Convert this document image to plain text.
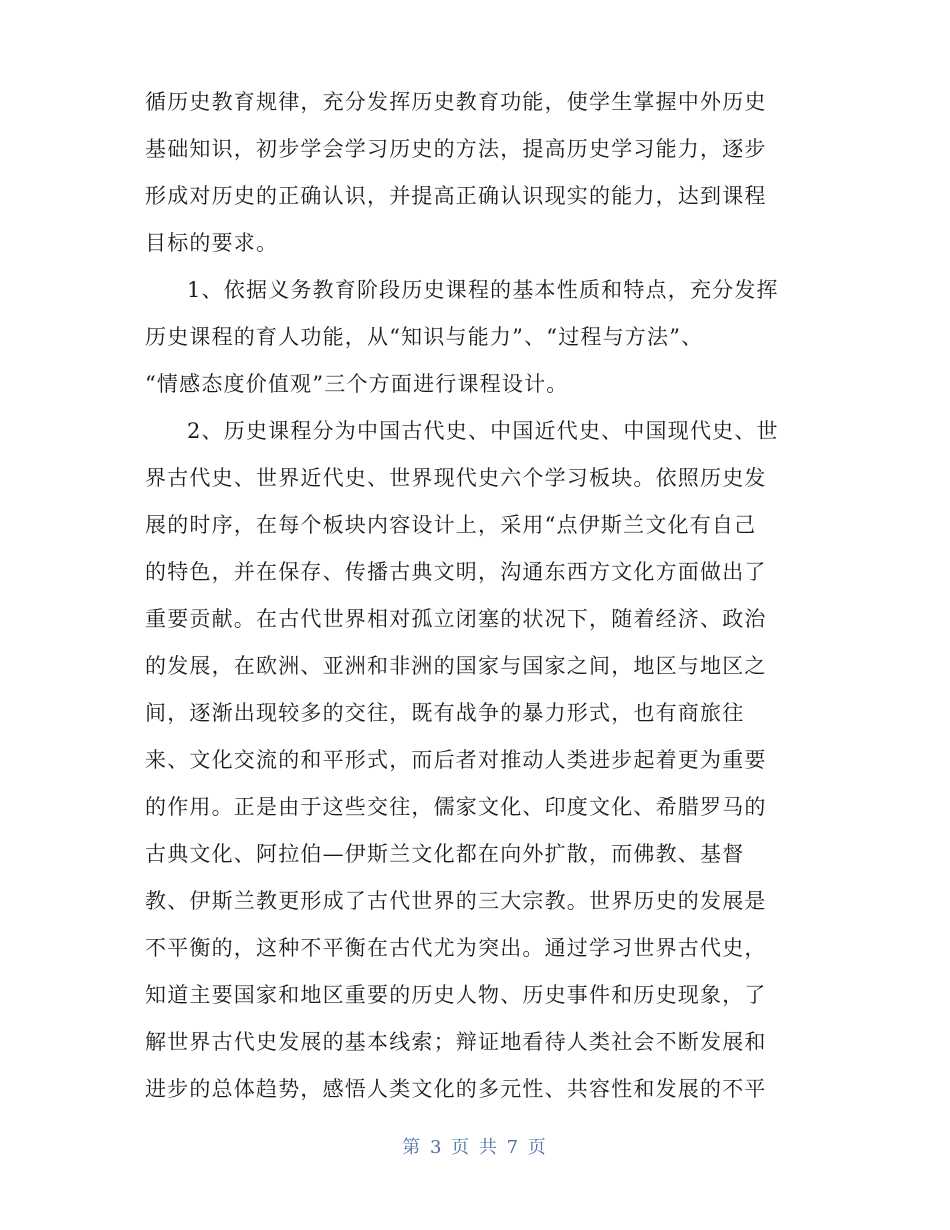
循历史教育规律，充分发挥历史教育功能，使学生掌握中外历史
基础知识，初步学会学习历史的方法，提高历史学习能力，逐步
形成对历史的正确认识，并提高正确认识现实的能力，达到课程
目标的要求。
1、依据义务教育阶段历史课程的基本性质和特点，充分发挥
历史课程的育人功能，从“知识与能力”、“过程与方法”、
“情感态度价值观”三个方面进行课程设计。
2、历史课程分为中国古代史、中国近代史、中国现代史、世
界古代史、世界近代史、世界现代史六个学习板块。依照历史发
展的时序，在每个板块内容设计上，采用“点伊斯兰文化有自己
的特色，并在保存、传播古典文明，沟通东西方文化方面做出了
重要贡献。在古代世界相对孤立闭塞的状况下，随着经济、政治
的发展，在欧洲、亚洲和非洲的国家与国家之间，地区与地区之
间，逐渐出现较多的交往，既有战争的暴力形式，也有商旅往
来、文化交流的和平形式，而后者对推动人类进步起着更为重要
的作用。正是由于这些交往，儒家文化、印度文化、希腊罗马的
古典文化、阿拉伯—伊斯兰文化都在向外扩散，而佛教、基督
教、伊斯兰教更形成了古代世界的三大宗教。世界历史的发展是
不平衡的，这种不平衡在古代尤为突出。通过学习世界古代史，
知道主要国家和地区重要的历史人物、历史事件和历史现象，了
解世界古代史发展的基本线索；辩证地看待人类社会不断发展和
进步的总体趋势，感悟人类文化的多元性、共容性和发展的不平
第 3 页 共 7 页
